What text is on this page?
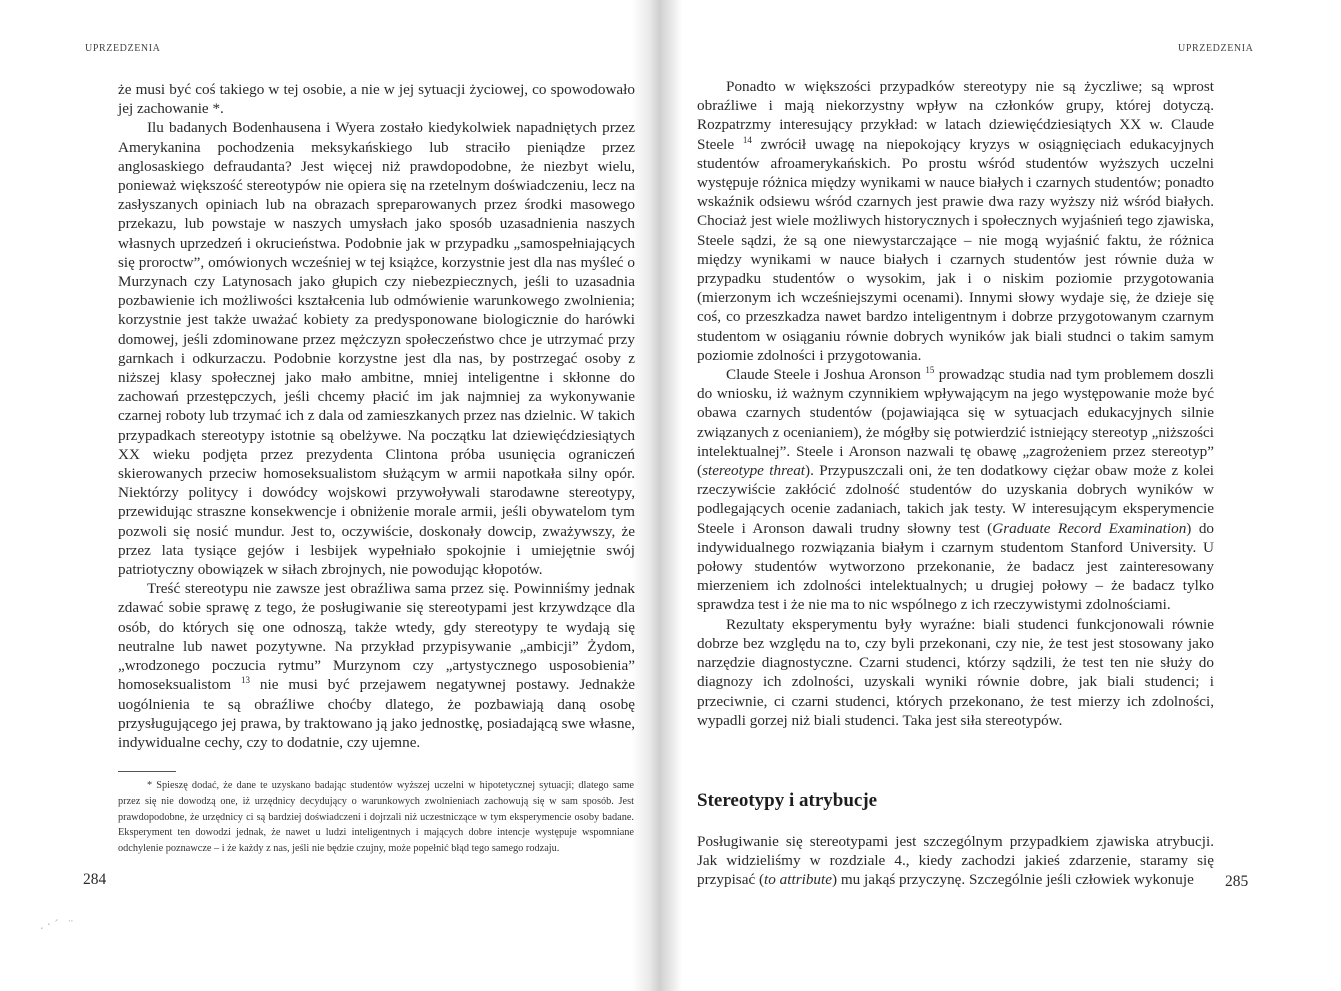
UPRZEDZENIA	UPRZEDZENIA

że musi być coś takiego w tej osobie, a nie w jej sytuacji życiowej, co spowodowało jej zachowanie *.

Ilu badanych Bodenhausena i Wyera zostało kiedykolwiek napadniętych przez Amerykanina pochodzenia meksykańskiego lub straciło pieniądze przez anglosaskiego defraudanta? Jest więcej niż prawdopodobne, że niezbyt wielu, ponieważ większość stereotypów nie opiera się na rzetelnym doświadczeniu, lecz na zasłyszanych opiniach lub na obrazach spreparowanych przez środki masowego przekazu, lub powstaje w naszych umysłach jako sposób uzasadnienia naszych własnych uprzedzeń i okrucieństwa. Podobnie jak w przypadku „samospełniających się proroctw”, omówionych wcześniej w tej książce, korzystnie jest dla nas myśleć o Murzynach czy Latynosach jako głupich czy niebezpiecznych, jeśli to uzasadnia pozbawienie ich możliwości kształcenia lub odmówienie warunkowego zwolnienia; korzystnie jest także uważać kobiety za predysponowane biologicznie do harówki domowej, jeśli zdominowane przez mężczyzn społeczeństwo chce je utrzymać przy garnkach i odkurzaczu. Podobnie korzystne jest dla nas, by postrzegać osoby z niższej klasy społecznej jako mało ambitne, mniej inteligentne i skłonne do zachowań przestępczych, jeśli chcemy płacić im jak najmniej za wykonywanie czarnej roboty lub trzymać ich z dala od zamieszkanych przez nas dzielnic. W takich przypadkach stereotypy istotnie są obelżywe. Na początku lat dziewięćdziesiątych XX wieku podjęta przez prezydenta Clintona próba usunięcia ograniczeń skierowanych przeciw homoseksualistom służącym w armii napotkała silny opór. Niektórzy politycy i dowódcy wojskowi przywoływali starodawne stereotypy, przewidując straszne konsekwencje i obniżenie morale armii, jeśli obywatelom tym pozwoli się nosić mundur. Jest to, oczywiście, doskonały dowcip, zważywszy, że przez lata tysiące gejów i lesbijek wypełniało spokojnie i umiejętnie swój patriotyczny obowiązek w siłach zbrojnych, nie powodując kłopotów.

Treść stereotypu nie zawsze jest obraźliwa sama przez się. Powinniśmy jednak zdawać sobie sprawę z tego, że posługiwanie się stereotypami jest krzywdzące dla osób, do których się one odnoszą, także wtedy, gdy stereotypy te wydają się neutralne lub nawet pozytywne. Na przykład przypisywanie „ambicji” Żydom, „wrodzonego poczucia rytmu” Murzynom czy „artystycznego usposobienia” homoseksualistom $^{13}$ nie musi być przejawem negatywnej postawy. Jednakże uogólnienia te są obraźliwe choćby dlatego, że pozbawiają daną osobę przysługującego jej prawa, by traktowano ją jako jednostkę, posiadającą swe własne, indywidualne cechy, czy to dodatnie, czy ujemne.

* Spieszę dodać, że dane te uzyskano badając studentów wyższej uczelni w hipotetycznej sytuacji; dlatego same przez się nie dowodzą one, iż urzędnicy decydujący o warunkowych zwolnieniach zachowują się w sam sposób. Jest prawdopodobne, że urzędnicy ci są bardziej doświadczeni i dojrzali niż uczestniczące w tym eksperymencie osoby badane. Eksperyment ten dowodzi jednak, że nawet u ludzi inteligentnych i mających dobre intencje występuje wspomniane odchylenie poznawcze – i że każdy z nas, jeśli nie będzie czujny, może popełnić błąd tego samego rodzaju.

284

Ponadto w większości przypadków stereotypy nie są życzliwe; są wprost obraźliwe i mają niekorzystny wpływ na członków grupy, której dotyczą. Rozpatrzmy interesujący przykład: w latach dziewięćdziesiątych XX w. Claude Steele $^{14}$ zwrócił uwagę na niepokojący kryzys w osiągnięciach edukacyjnych studentów afroamerykańskich. Po prostu wśród studentów wyższych uczelni występuje różnica między wynikami w nauce białych i czarnych studentów; ponadto wskaźnik odsiewu wśród czarnych jest prawie dwa razy wyższy niż wśród białych. Chociaż jest wiele możliwych historycznych i społecznych wyjaśnień tego zjawiska, Steele sądzi, że są one niewystarczające – nie mogą wyjaśnić faktu, że różnica między wynikami w nauce białych i czarnych studentów jest równie duża w przypadku studentów o wysokim, jak i o niskim poziomie przygotowania (mierzonym ich wcześniejszymi ocenami). Innymi słowy wydaje się, że dzieje się coś, co przeszkadza nawet bardzo inteligentnym i dobrze przygotowanym czarnym studentom w osiąganiu równie dobrych wyników jak biali studnci o takim samym poziomie zdolności i przygotowania.

Claude Steele i Joshua Aronson $^{15}$ prowadząc studia nad tym problemem doszli do wniosku, iż ważnym czynnikiem wpływającym na jego występowanie może być obawa czarnych studentów (pojawiająca się w sytuacjach edukacyjnych silnie związanych z ocenianiem), że mógłby się potwierdzić istniejący stereotyp „niższości intelektualnej”. Steele i Aronson nazwali tę obawę „zagrożeniem przez stereotyp” (stereotype threat). Przypuszczali oni, że ten dodatkowy ciężar obaw może z kolei rzeczywiście zakłócić zdolność studentów do uzyskania dobrych wyników w podlegających ocenie zadaniach, takich jak testy. W interesującym eksperymencie Steele i Aronson dawali trudny słowny test (Graduate Record Examination) do indywidualnego rozwiązania białym i czarnym studentom Stanford University. U połowy studentów wytworzono przekonanie, że badacz jest zainteresowany mierzeniem ich zdolności intelektualnych; u drugiej połowy – że badacz tylko sprawdza test i że nie ma to nic wspólnego z ich rzeczywistymi zdolnościami.

Rezultaty eksperymentu były wyraźne: biali studenci funkcjonowali równie dobrze bez względu na to, czy byli przekonani, czy nie, że test jest stosowany jako narzędzie diagnostyczne. Czarni studenci, którzy sądzili, że test ten nie służy do diagnozy ich zdolności, uzyskali wyniki równie dobre, jak biali studenci; i przeciwnie, ci czarni studenci, których przekonano, że test mierzy ich zdolności, wypadli gorzej niż biali studenci. Taka jest siła stereotypów.

Stereotypy i atrybucje

Posługiwanie się stereotypami jest szczególnym przypadkiem zjawiska atrybucji. Jak widzieliśmy w rozdziale 4., kiedy zachodzi jakieś zdarzenie, staramy się przypisać (to attribute) mu jakąś przyczynę. Szczególnie jeśli człowiek wykonuje	285
.·´ ¨
